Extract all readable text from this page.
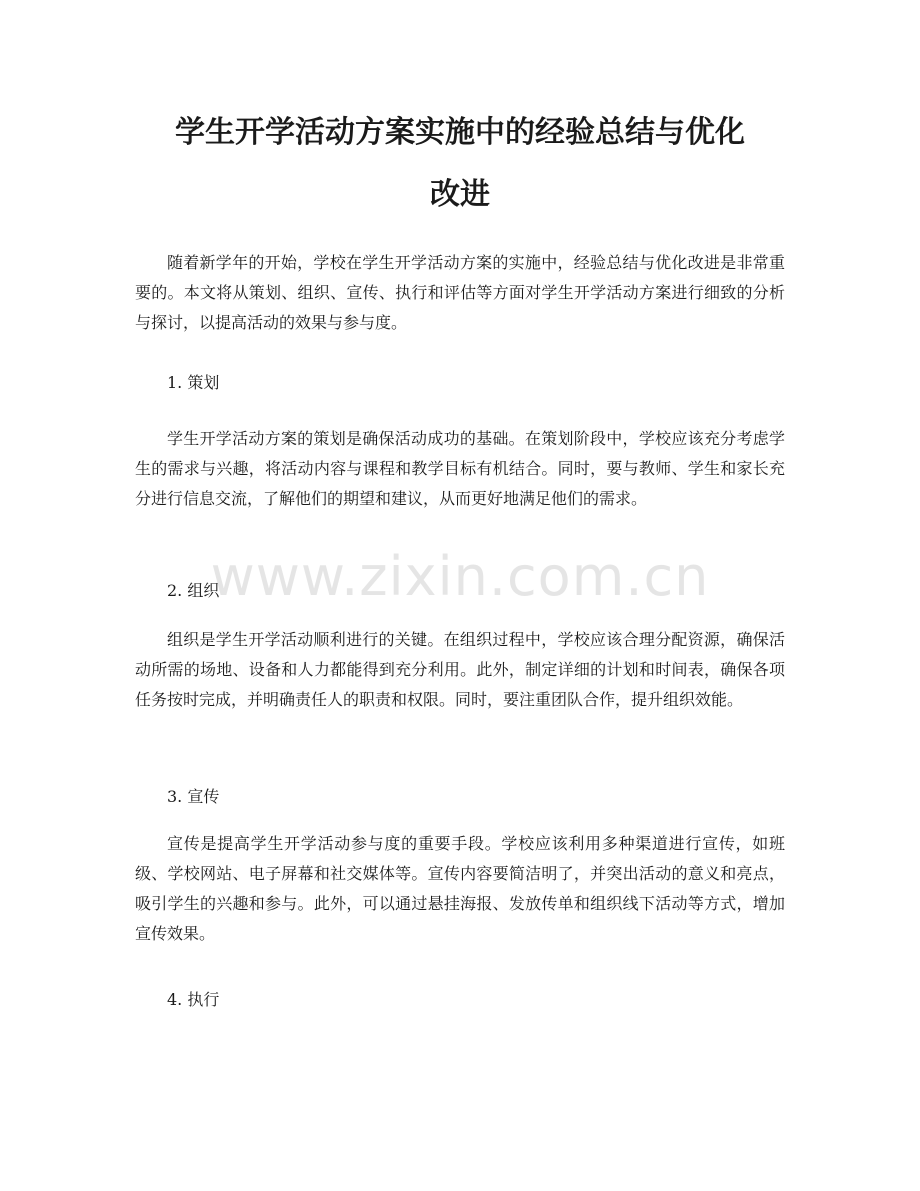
学生开学活动方案实施中的经验总结与优化
改进

随着新学年的开始，学校在学生开学活动方案的实施中，经验总结与优化改进是非常重要的。本文将从策划、组织、宣传、执行和评估等方面对学生开学活动方案进行细致的分析与探讨，以提高活动的效果与参与度。

1. 策划

学生开学活动方案的策划是确保活动成功的基础。在策划阶段中，学校应该充分考虑学生的需求与兴趣，将活动内容与课程和教学目标有机结合。同时，要与教师、学生和家长充分进行信息交流，了解他们的期望和建议，从而更好地满足他们的需求。

2. 组织

组织是学生开学活动顺利进行的关键。在组织过程中，学校应该合理分配资源，确保活动所需的场地、设备和人力都能得到充分利用。此外，制定详细的计划和时间表，确保各项任务按时完成，并明确责任人的职责和权限。同时，要注重团队合作，提升组织效能。

3. 宣传

宣传是提高学生开学活动参与度的重要手段。学校应该利用多种渠道进行宣传，如班级、学校网站、电子屏幕和社交媒体等。宣传内容要简洁明了，并突出活动的意义和亮点，吸引学生的兴趣和参与。此外，可以通过悬挂海报、发放传单和组织线下活动等方式，增加宣传效果。

4. 执行

www.zixin.com.cn
